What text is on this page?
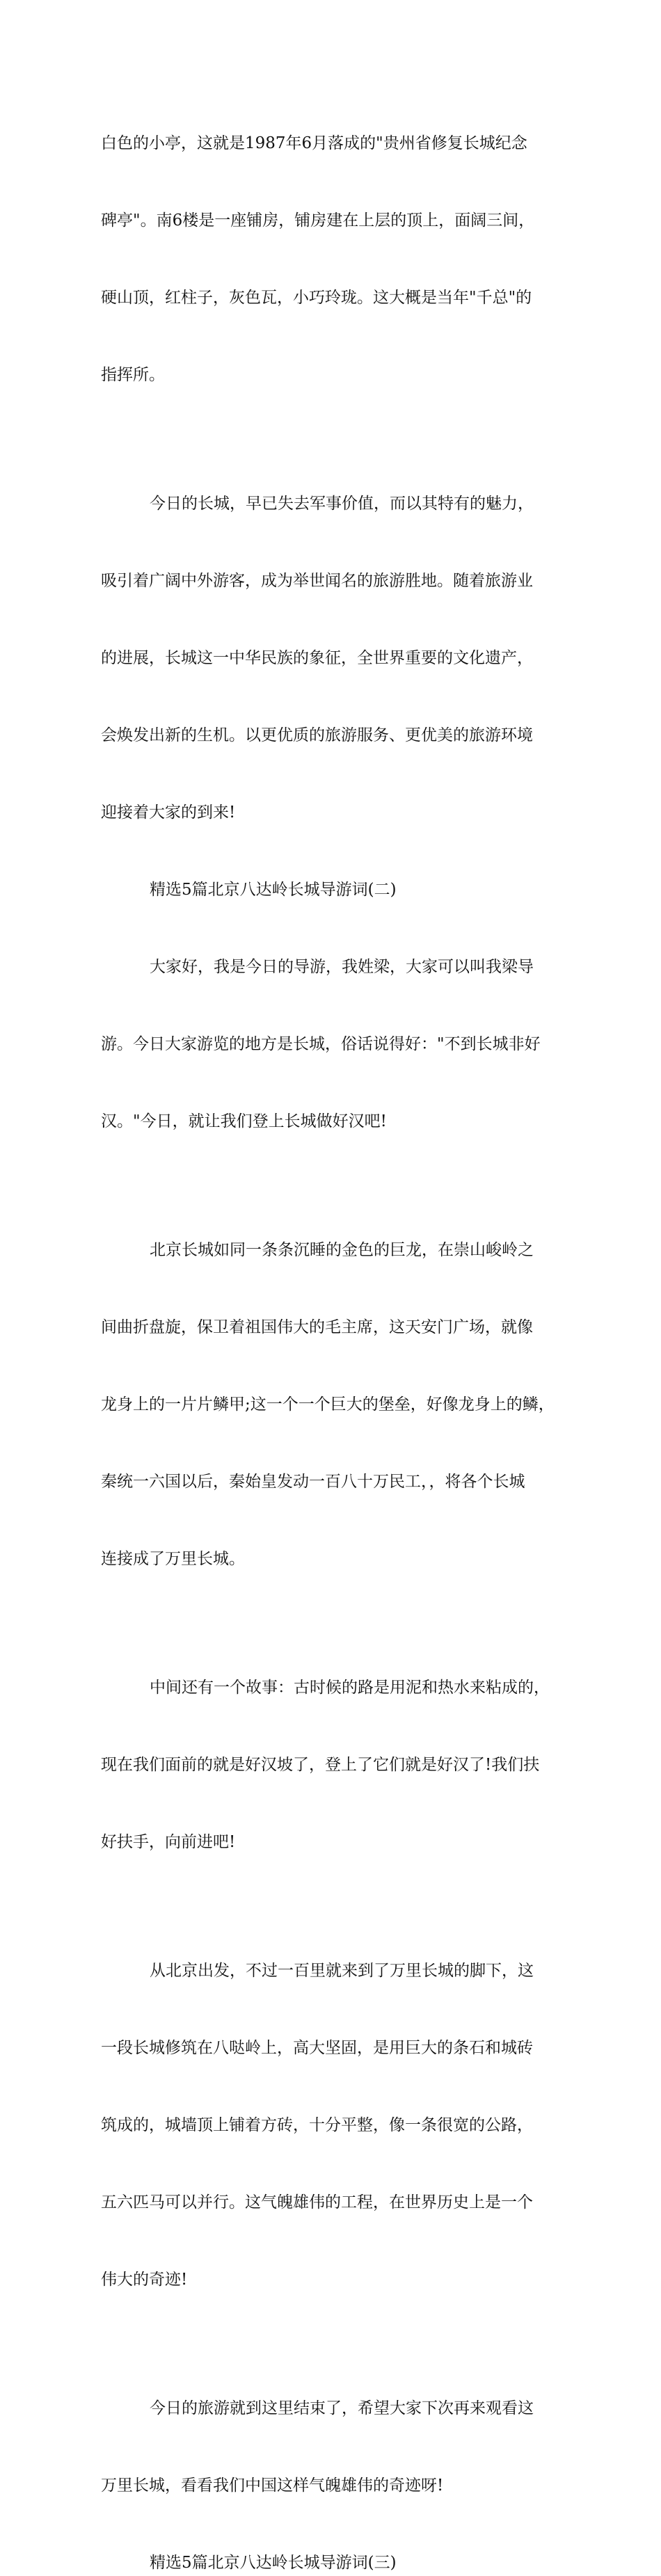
白色的小亭，这就是1987年6月落成的"贵州省修复长城纪念

碑亭"。南6楼是一座铺房，铺房建在上层的顶上，面阔三间，

硬山顶，红柱子，灰色瓦，小巧玲珑。这大概是当年"千总"的

指挥所。

今日的长城，早已失去军事价值，而以其特有的魅力，

吸引着广阔中外游客，成为举世闻名的旅游胜地。随着旅游业

的进展，长城这一中华民族的象征，全世界重要的文化遗产，

会焕发出新的生机。以更优质的旅游服务、更优美的旅游环境

迎接着大家的到来!

精选5篇北京八达岭长城导游词(二)

大家好，我是今日的导游，我姓梁，大家可以叫我梁导

游。今日大家游览的地方是长城，俗话说得好："不到长城非好

汉。"今日，就让我们登上长城做好汉吧!

北京长城如同一条条沉睡的金色的巨龙，在崇山峻岭之

间曲折盘旋，保卫着祖国伟大的毛主席，这天安门广场，就像

龙身上的一片片鳞甲;这一个一个巨大的堡垒，好像龙身上的鳞，

秦统一六国以后，秦始皇发动一百八十万民工，，将各个长城

连接成了万里长城。

中间还有一个故事：古时候的路是用泥和热水来粘成的，

现在我们面前的就是好汉坡了，登上了它们就是好汉了!我们扶

好扶手，向前进吧!

从北京出发，不过一百里就来到了万里长城的脚下，这

一段长城修筑在八哒岭上，高大坚固，是用巨大的条石和城砖

筑成的，城墙顶上铺着方砖，十分平整，像一条很宽的公路，

五六匹马可以并行。这气魄雄伟的工程，在世界历史上是一个

伟大的奇迹!

今日的旅游就到这里结束了，希望大家下次再来观看这

万里长城，看看我们中国这样气魄雄伟的奇迹呀!

精选5篇北京八达岭长城导游词(三)
